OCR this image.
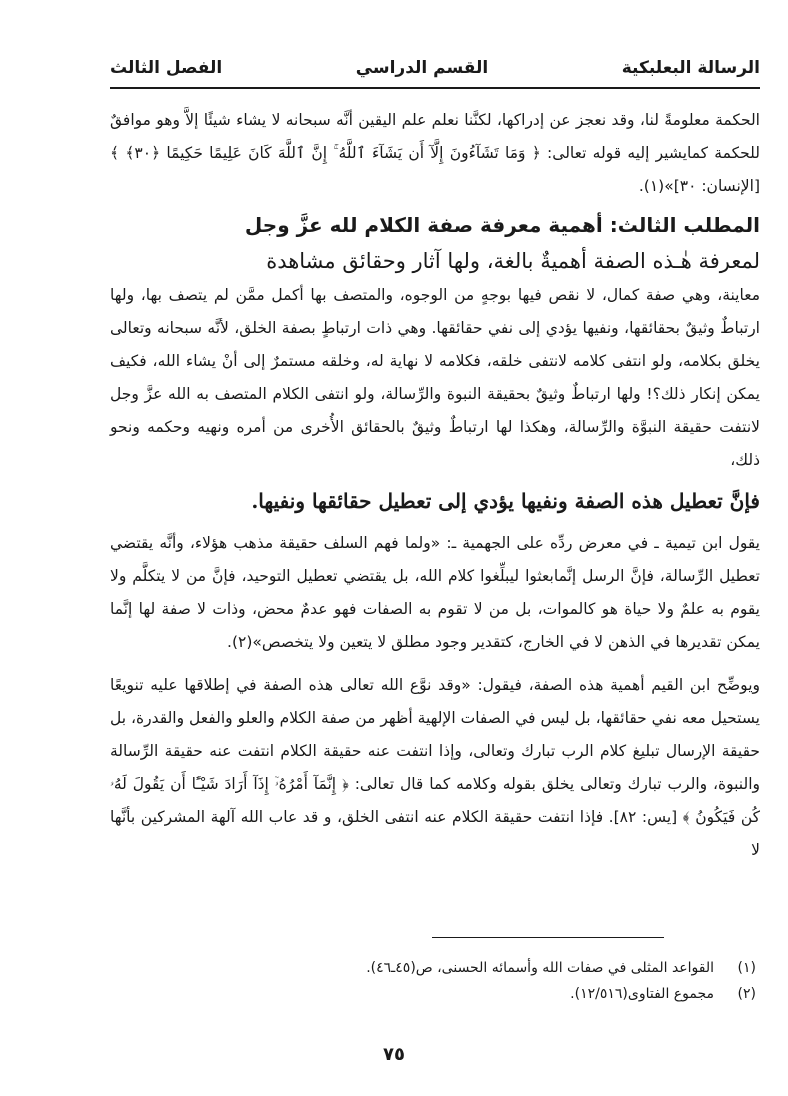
الرسالة البعلبكية
القسم الدراسي
الفصل الثالث

الحكمة معلومةً لنا، وقد نعجز عن إدراكها، لكنَّنا نعلم علم اليقين أنَّه سبحانه لا يشاء شيئًا إلاَّ وهو موافقٌ للحكمة كمايشير إليه قوله تعالى: ﴿ وَمَا تَشَآءُونَ إِلَّآ أَن يَشَآءَ ٱللَّهُ ۚ إِنَّ ٱللَّهَ كَانَ عَلِيمًا حَكِيمًا ﴿٣٠﴾ ﴾[الإنسان: ٣٠]»(١).

المطلب الثالث: أهمية معرفة صفة الكلام لله عزَّ وجل

لمعرفة هٰـذه الصفة أهميةٌ بالغة، ولها آثار وحقائق مشاهدة

معاينة، وهي صفة كمال، لا نقص فيها بوجهٍ من الوجوه، والمتصف بها أكمل ممَّن لم يتصف بها، ولها ارتباطٌ وثيقٌ بحقائقها، ونفيها يؤدي إلى نفي حقائقها. وهي ذات ارتباطٍ بصفة الخلق، لأنَّه سبحانه وتعالى يخلق بكلامه، ولو انتفى كلامه لانتفى خلقه، فكلامه لا نهاية له، وخلقه مستمرٌ إلى أنْ يشاء الله، فكيف يمكن إنكار ذلك؟! ولها ارتباطٌ وثيقٌ بحقيقة النبوة والرِّسالة، ولو انتفى الكلام المتصف به الله عزَّ وجل لانتفت حقيقة النبوَّة والرِّسالة، وهكذا لها ارتباطٌ وثيقٌ بالحقائق الأُخرى من أمره ونهيه وحكمه ونحو ذلك،

فإنَّ تعطيل هذه الصفة ونفيها يؤدي إلى تعطيل حقائقها ونفيها.

يقول ابن تيمية ـ في معرض ردِّه على الجهمية ـ: «ولما فهم السلف حقيقة مذهب هؤلاء، وأنَّه يقتضي تعطيل الرِّسالة، فإنَّ الرسل إنَّمابعثوا ليبلِّغوا كلام الله، بل يقتضي تعطيل التوحيد، فإنَّ من لا يتكلَّم ولا يقوم به علمٌ ولا حياة هو كالموات، بل من لا تقوم به الصفات فهو عدمٌ محض، وذات لا صفة لها إنَّما يمكن تقديرها في الذهن لا في الخارج، كتقدير وجود مطلق لا يتعين ولا يتخصص»(٢).

ويوضِّح ابن القيم أهمية هذه الصفة، فيقول: «وقد نوَّع الله تعالى هذه الصفة في إطلاقها عليه تنويعًا يستحيل معه نفي حقائقها، بل ليس في الصفات الإلهية أظهر من صفة الكلام والعلو والفعل والقدرة، بل حقيقة الإرسال تبليغ كلام الرب تبارك وتعالى، وإذا انتفت عنه حقيقة الكلام انتفت عنه حقيقة الرِّسالة والنبوة، والرب تبارك وتعالى يخلق بقوله وكلامه كما قال تعالى: ﴿ إِنَّمَآ أَمْرُهُۥٓ إِذَآ أَرَادَ شَيْـًٔا أَن يَقُولَ لَهُۥ كُن فَيَكُونُ ﴾ [يس: ٨٢]. فإذا انتفت حقيقة الكلام عنه انتفى الخلق، و قد عاب الله آلهة المشركين بأنَّها لا

(١)
القواعد المثلى في صفات الله وأسمائه الحسنى، ص(٤٥ـ٤٦).
(٢)
مجموع الفتاوى(١٢/٥١٦).
٧٥
